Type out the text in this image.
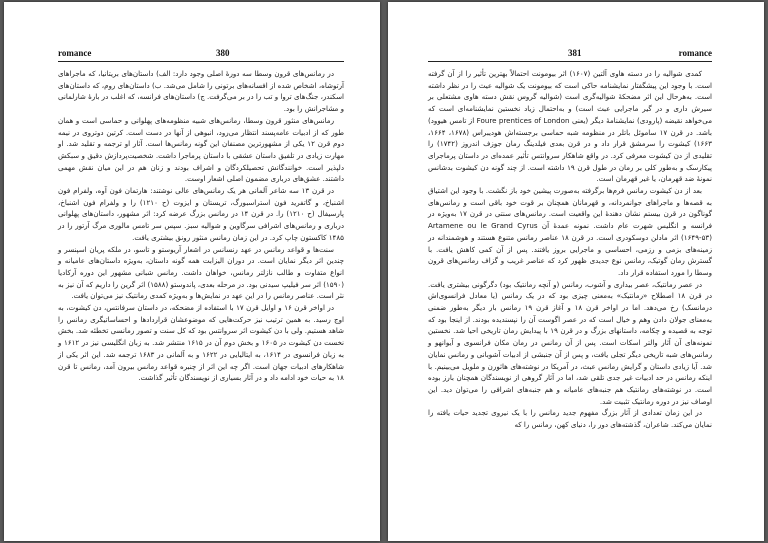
romance	380

در رمانس‌های قرون وسطا سه دورهٔ اصلی وجود دارد: الف) داستان‌های بریتانیا، که ماجراهای آرتوشاه، اشخاص شده از افسانه‌های برتونی را شامل می‌شد. ب) داستان‌های روم، که داستان‌های اسکندر، جنگ‌های تروا و تب را در بر می‌گرفت. ج) داستان‌های فرانسه، که اغلب در بارهٔ شارلمانی و مشاجرانش را بود.

رمانس‌های منثور قرون وسطا، رمانس‌های شبیه منظومه‌های پهلوانی و حماسی است و همان طور که از ادبیات عامه‌پسند انتظار می‌رود، انبوهی از آنها در دست است. کرتین دوتروی در نیمه دوم قرن ۱۲ یکی از مشهورترین مصنفان این گونه رمانس‌ها است. آثار او ترجمه و تقلید شد. او مهارت زیادی در تلفیق داستان عشقی با داستان پرماجرا داشت. شخصیت‌پردازش دقیق و سبکش دلپذیر است. خوانندگانش تحصیلکردگان و اشراف بودند و زنان هم در این میان نقش مهمی داشتند. عشق‌های درباری مضمون اصلی اشعار اوست.

در قرن ۱۳ سه شاعر آلمانی هر یک رمانس‌های عالی نوشتند: هارتمان فون آوه، ولفرام فون اشنباخ، و گاتفرید فون استراسبورگ، تریستان و ایزوت (ح ۱۲۱۰) را و ولفرام فون اشنباخ، پارسیفال (ح ۱۲۱۰) را. در قرن ۱۴ در رمانس بزرگ عرضه کرد: اثر مشهور، داستان‌های پهلوانی درباری و رمانس‌های اشرافی سرگاوین و شوالیه سبز. سپس سر تامس مالوری مرگ آرتور را در ۱۴۸۵ کاکستون چاپ کرد. در این زمان رمانس منثور رونق بیشتری یافت.

سنت‌ها و قواعد رمانس در عهد رنسانس در اشعار آریوستو و تاسو، در ملکه پریان اسپنسر و چندین اثر دیگر نمایان است. در دوران الیزابت همه گونه داستان، به‌ویژه داستان‌های عامیانه و انواع متفاوت و طالب نازلتر رمانس، خواهان داشت. رمانس شبانی مشهور این دوره آرکادیا (۱۵۹۰) اثر سر فیلیپ سیدنی بود. در مرحله بعدی، پاندوستو (۱۵۸۸) اثر گرین را داریم که آن نیز به نثر است. عناصر رمانس را در این عهد در نمایش‌ها و به‌ویژه کمدی رمانتیک نیز می‌توان یافت.

در اواخر قرن ۱۶ و اوایل قرن ۱۷ با استفاده از مضحکه، در داستان سرفانتس، دن کیشوت، به اوج رسید. به همین ترتیب نیز حرکت‌هایی که موضوعشان قراردادها و احساساتیگری رمانس را شاهد هستیم. ولی با دن کیشوت اثر سروانتس بود که کل سنت و تصور رمانسی تخطئه شد. بخش نخست دن کیشوت در ۱۶۰۵ و بخش دوم آن در ۱۶۱۵ منتشر شد. به زبان انگلیسی نیز در ۱۶۱۲ و به زبان فرانسوی در ۱۶۱۴، به ایتالیایی در ۱۶۲۲ و به آلمانی در ۱۶۸۳ ترجمه شد. این اثر یکی از شاهکارهای ادبیات جهان است. اگر چه این اثر از چنبره قواعد رمانس بیرون آمد، رمانس تا قرن ۱۸ به حیات خود ادامه داد و در آثار بسیاری از نویسندگان تأثیر گذاشت.

381	romance

کمدی شوالیه را در دسته هاوی آلتین (۱۶۰۷) اثر بیومونت احتمالاً بهترین تأثیر را از آن گرفته است. با وجود این پیشگفتار نمایشنامه حاکی است که بیومونت یک شوالیه عیث را در نظر داشته است. به‌هرحال این اثر مضحکهٔ شوالیه‌گری است (شوالیه گروس نقش دسته هاوی مشتعلی بر سیرش داری و در گیر ماجرایی عبث است) و به‌احتمال زیاد نخستین نمایشنامه‌ای است که می‌خواهد نقیضه (پارودی) نمایشنامهٔ دیگر (یعنی Foure prentices of London از تامس هیوود) باشد. در قرن ۱۷ ساموئل باتلر در منظومه شبه حماسی برجسته‌اش هودیبراس (۱۶۷۸، ۱۶۶۴، ۱۶۶۳) کیشوت را سرمشق قرار داد و در قرن بعدی فیلدینگ رمان جوزف اندروز (۱۷۴۲) را تقلیدی از دن کیشوت معرفی کرد. در واقع شاهکار سروانتس تأثیر عمده‌ای در داستان پرماجرای پیکارسک و به‌طور کلی بر رمان در طول قرن ۱۹ داشته است. از چند گونه دن کیشوت بدشانس نمونهٔ ضد قهرمان، یا غیر قهرمان است.

بعد از دن کیشوت رمانس فرم‌ها برگرفته به‌صورت پیشین خود باز نگشت. با وجود این اشتیاق به قصه‌ها و ماجراهای جوانمردانه، و قهرمانان همچنان بر قوت خود باقی است و رمانس‌های گوناگون در قرن بیستم نشان دهندهٔ این واقعیت است. رمانس‌های سنتی در قرن ۱۷ به‌ویژه در فرانسه و انگلیس شهرت عام داشت. نمونه عمدهٔ آن Artamene ou le Grand Cyrus (۱۶۴۹-۵۳) اثر مادلن دوسکودری است. در قرن ۱۸ عناصر رمانس متنوع هستند و هوشمندانه در زمینه‌های بزمی و رزمی، احساسی و ماجرایی بروز یافتند. پس از آن کمی کاهش یافت. با گسترش رمان گوتیک، رمانس نوع جدیدی ظهور کرد که عناصر غریب و گزاف رمانس‌های قرون وسطا را مورد استفاده قرار داد.

در عصر رمانتیک، عصر بیداری و آشوب، رمانس (و آنچه رمانتیک بود) دگرگونی بیشتری یافت. در قرن ۱۸ اصطلاح «رمانتیک» به‌معنی چیزی بود که در یک رمانس (یا معادل فرانسوی‌اش درمانسک) رخ می‌دهد. اما در اواخر قرن ۱۸ و آغاز قرن ۱۹ رمانس بار دیگر به‌طور ضمنی به‌معنای جولان دادن وهم و خیال است که در عصر اگوست آن را نپسندیده بودند. از اینجا بود که توجه به قصیده و چکامه، داستانهای بزرگ و در قرن ۱۹ با پیدایش رمان تاریخی احیا شد. نخستین نمونه‌های آن آثار والتر اسکات است. پس از آن رمانس در رمان مکان فرانسوی و آیوانهو و رمانس‌های شبه تاریخی دیگر تجلی یافت، و پس از آن جنبشی از ادبیات آشوبانی و رمانس نمایان شد. آیا زیادی داستان و گرایش رمانس عبث، در آمریکا در نوشته‌های هاثورن و ملویل می‌بینیم. با اینکه رمانس در حد ادبیات غیر جدی تلقی شد، اما در آثار گروهی از نویسندگان همچنان بارز بوده است. در نوشته‌های رمانتیک هم جنبه‌های عامیانه و هم جنبه‌های اشرافی را می‌توان دید. این اوصاف نیز در دوره رمانتیک تثبیت شد.

در این زمان تعدادی از آثار بزرگ مفهوم جدید رمانس را با یک نیروی تجدید حیات یافته را نمایان می‌کند. شاعران، گذشته‌های دور را، دنیای کهن، رمانس را که
